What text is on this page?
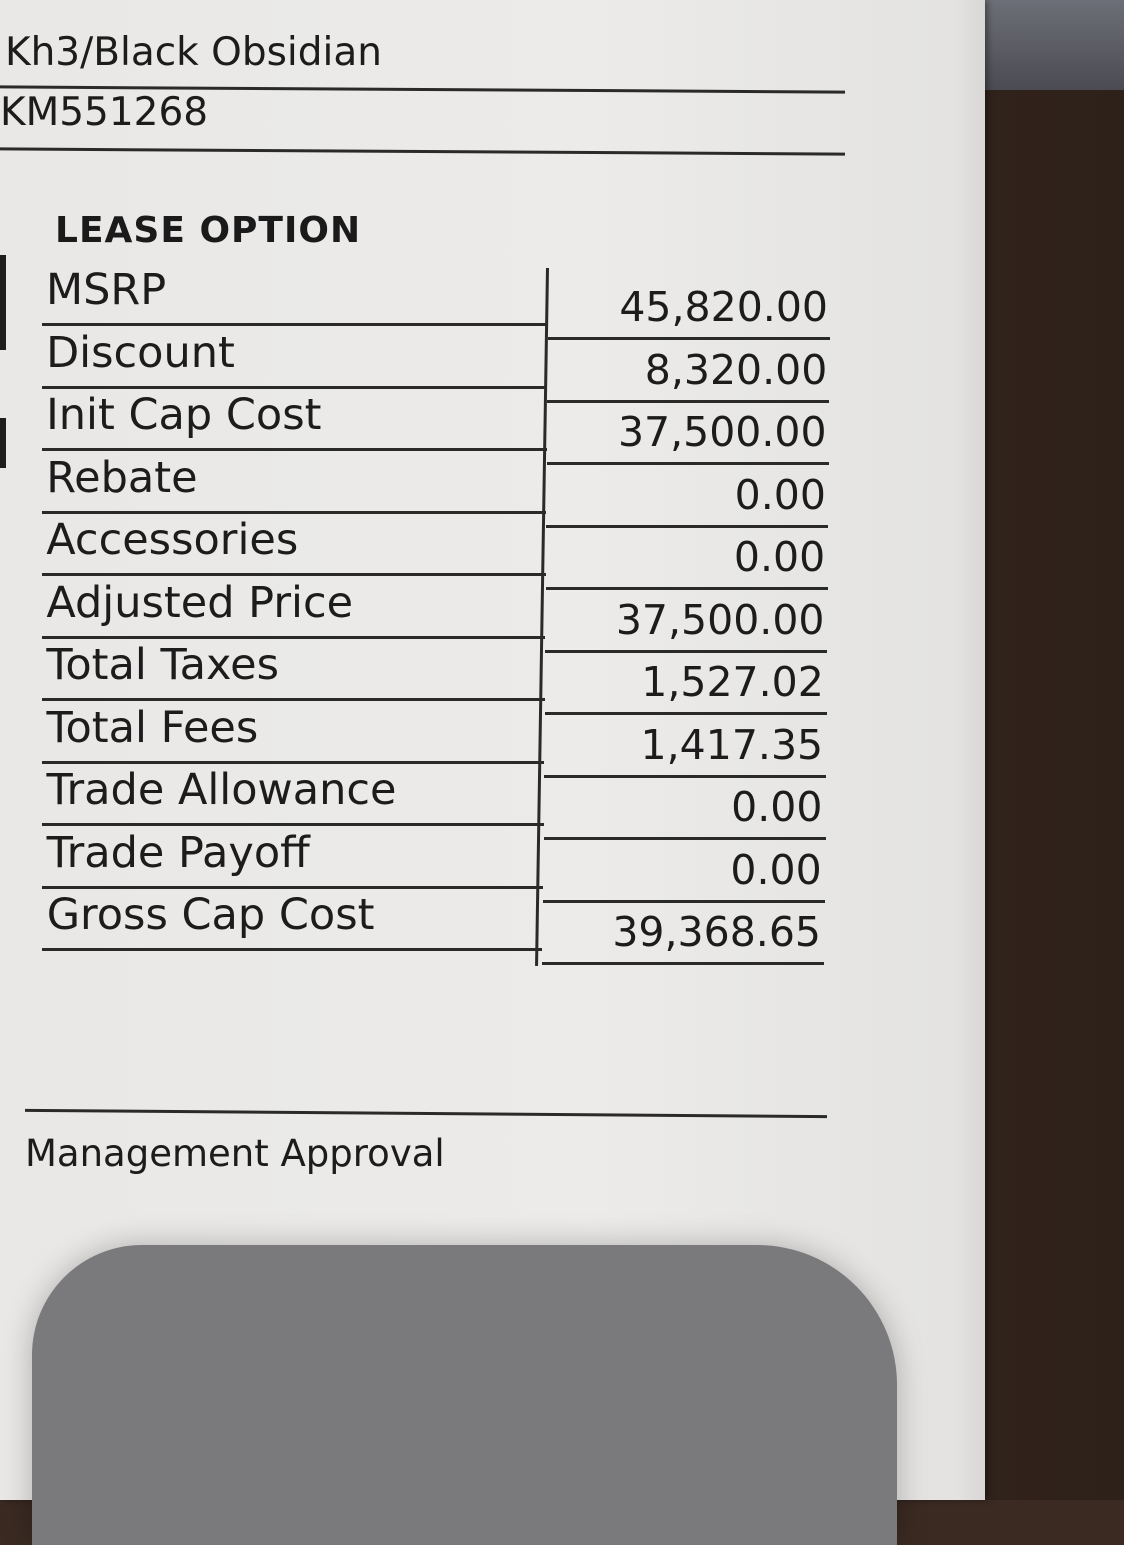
Kh3/Black Obsidian
KM551268
LEASE OPTION
MSRP	45,820.00
Discount	8,320.00
Init Cap Cost	37,500.00
Rebate	0.00
Accessories	0.00
Adjusted Price	37,500.00
Total Taxes	1,527.02
Total Fees	1,417.35
Trade Allowance	0.00
Trade Payoff	0.00
Gross Cap Cost	39,368.65
Management Approval
